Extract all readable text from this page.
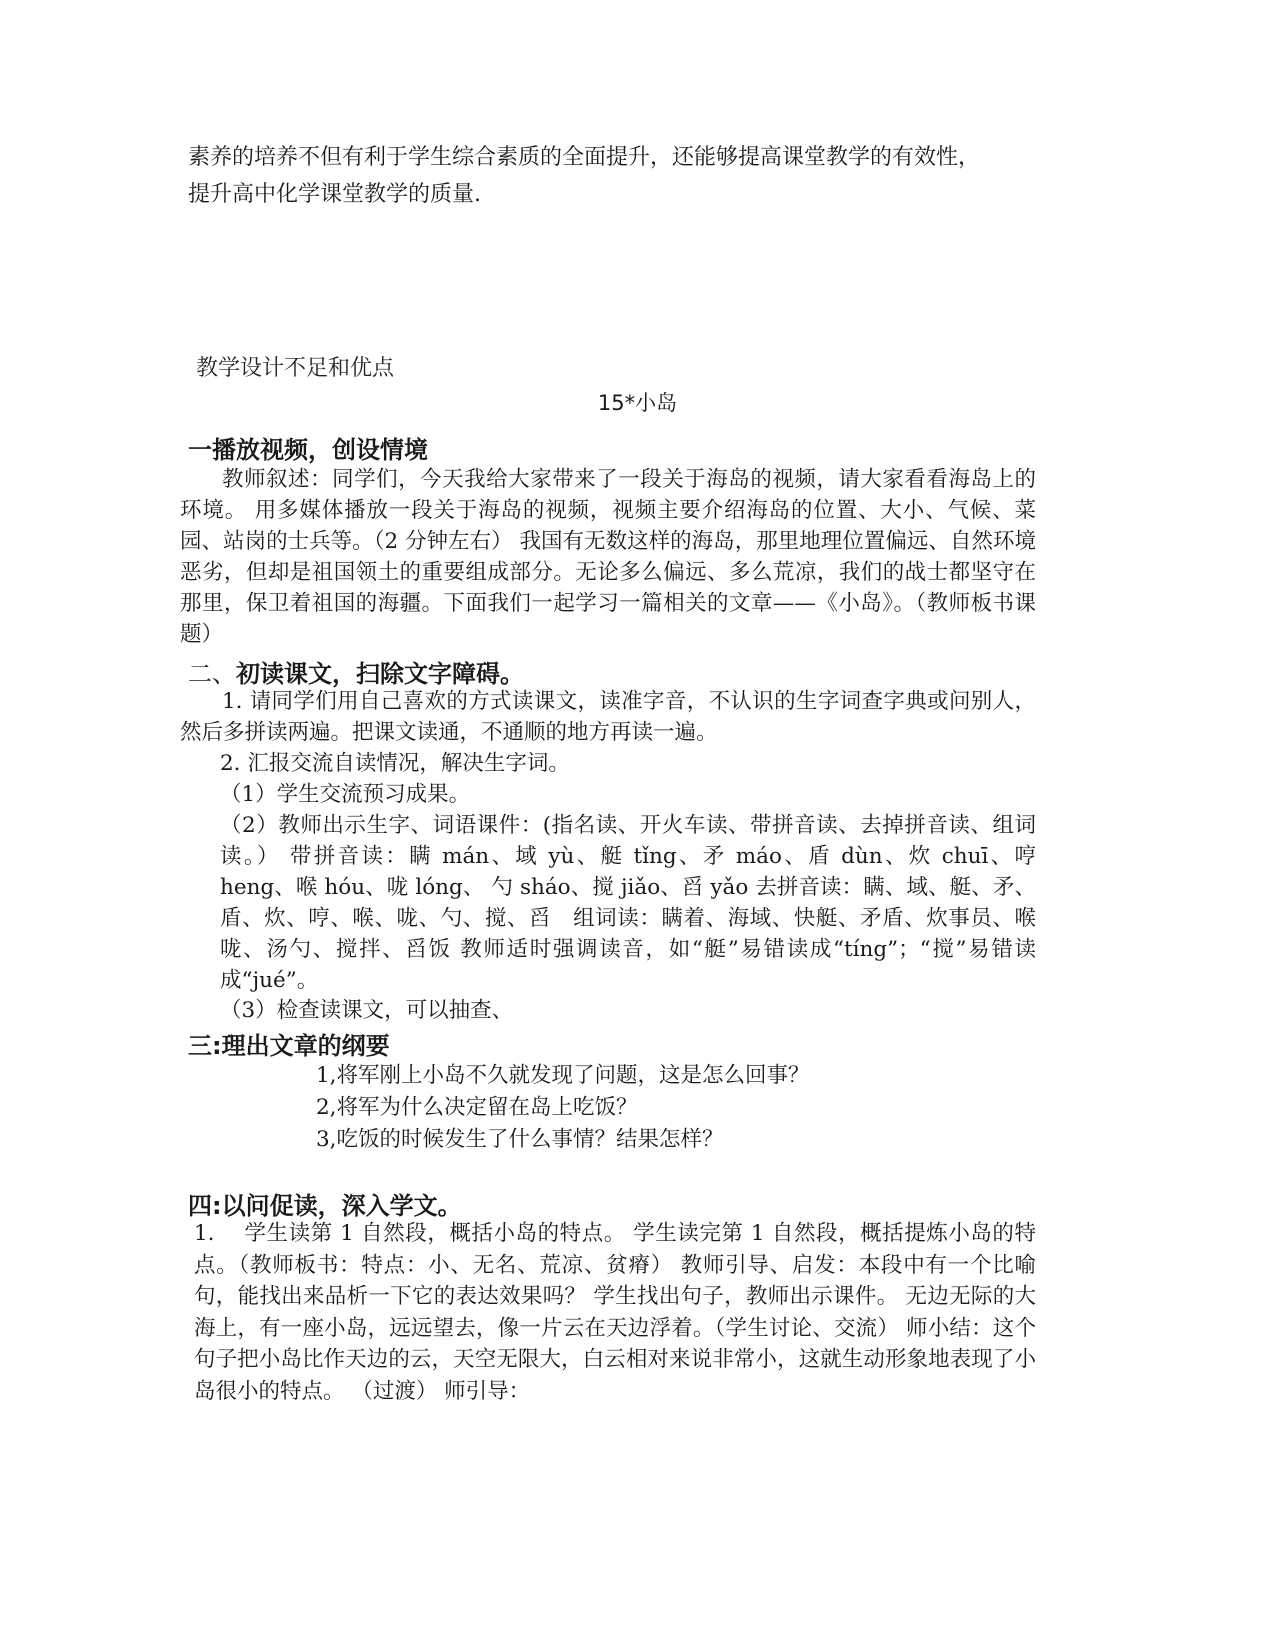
素养的培养不但有利于学生综合素质的全面提升，还能够提高课堂教学的有效性，
提升高中化学课堂教学的质量.
教学设计不足和优点
15*小岛
一播放视频，创设情境

教师叙述：同学们，今天我给大家带来了一段关于海岛的视频，请大家看看海岛上的环境。 用多媒体播放一段关于海岛的视频，视频主要介绍海岛的位置、大小、气候、菜园、站岗的士兵等。（2 分钟左右） 我国有无数这样的海岛，那里地理位置偏远、自然环境恶劣，但却是祖国领土的重要组成部分。无论多么偏远、多么荒凉，我们的战士都坚守在那里，保卫着祖国的海疆。下面我们一起学习一篇相关的文章——《小岛》。（教师板书课题）

二、初读课文，扫除文字障碍。

1. 请同学们用自己喜欢的方式读课文，读准字音，不认识的生字词查字典或问别人，然后多拼读两遍。把课文读通，不通顺的地方再读一遍。

2. 汇报交流自读情况，解决生字词。

（1）学生交流预习成果。

（2）教师出示生字、词语课件：(指名读、开火车读、带拼音读、去掉拼音读、组词读。） 带拼音读：瞒 mán、域 yù、艇 tǐng、矛 máo、盾 dùn、炊 chuī、哼 heng、喉 hóu、咙 lóng、 勺 sháo、搅 jiǎo、舀 yǎo 去拼音读：瞒、域、艇、矛、盾、炊、哼、喉、咙、勺、搅、舀　组词读：瞒着、海域、快艇、矛盾、炊事员、喉咙、汤勺、搅拌、舀饭 教师适时强调读音，如“艇”易错读成“tíng”；“搅”易错读成“jué”。

（3）检查读课文，可以抽查、

三:理出文章的纲要
1,将军刚上小岛不久就发现了问题，这是怎么回事？
2,将军为什么决定留在岛上吃饭？
3,吃饭的时候发生了什么事情？结果怎样？
四:以问促读，深入学文。

1.　 学生读第 1 自然段，概括小岛的特点。 学生读完第 1 自然段，概括提炼小岛的特点。（教师板书：特点：小、无名、荒凉、贫瘠） 教师引导、启发：本段中有一个比喻句，能找出来品析一下它的表达效果吗？ 学生找出句子，教师出示课件。 无边无际的大海上，有一座小岛，远远望去，像一片云在天边浮着。（学生讨论、交流） 师小结：这个句子把小岛比作天边的云，天空无限大，白云相对来说非常小，这就生动形象地表现了小岛很小的特点。 （过渡） 师引导：
